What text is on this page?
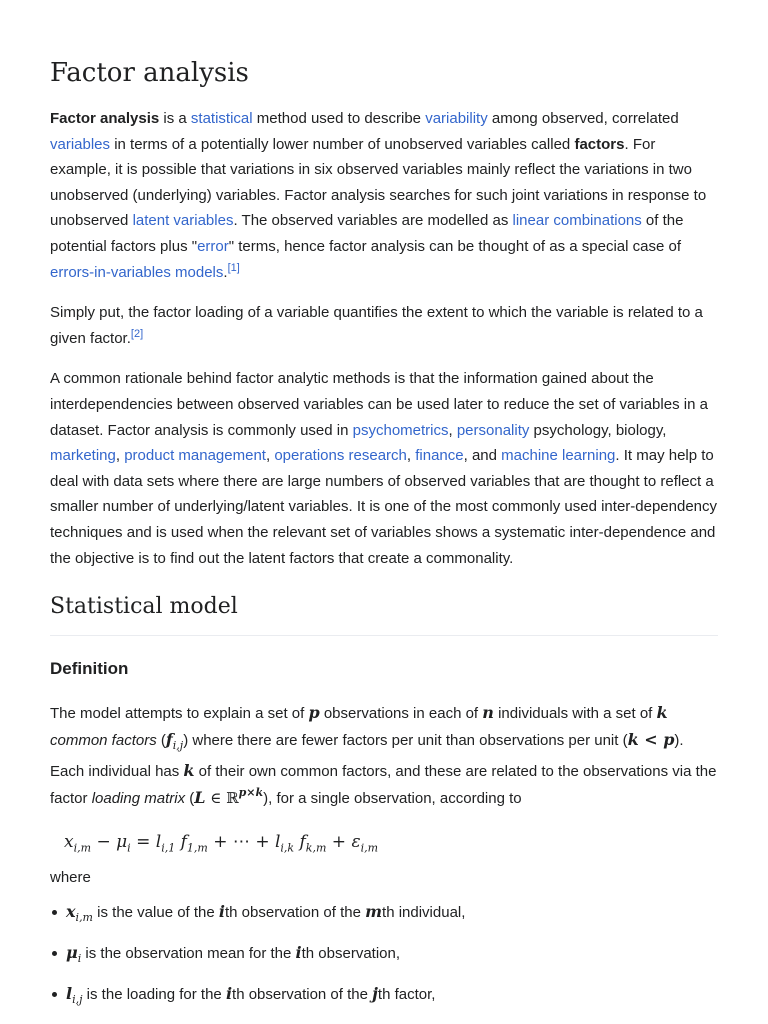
Factor analysis

Factor analysis is a statistical method used to describe variability among observed, correlated variables in terms of a potentially lower number of unobserved variables called factors. For example, it is possible that variations in six observed variables mainly reflect the variations in two unobserved (underlying) variables. Factor analysis searches for such joint variations in response to unobserved latent variables. The observed variables are modelled as linear combinations of the potential factors plus "error" terms, hence factor analysis can be thought of as a special case of errors-in-variables models.[1]

Simply put, the factor loading of a variable quantifies the extent to which the variable is related to a given factor.[2]

A common rationale behind factor analytic methods is that the information gained about the interdependencies between observed variables can be used later to reduce the set of variables in a dataset. Factor analysis is commonly used in psychometrics, personality psychology, biology, marketing, product management, operations research, finance, and machine learning. It may help to deal with data sets where there are large numbers of observed variables that are thought to reflect a smaller number of underlying/latent variables. It is one of the most commonly used inter-dependency techniques and is used when the relevant set of variables shows a systematic inter-dependence and the objective is to find out the latent factors that create a commonality.

Statistical model
Definition

The model attempts to explain a set of p observations in each of n individuals with a set of k common factors $(f_{i,j})$ where there are fewer factors per unit than observations per unit (k < p). Each individual has k of their own common factors, and these are related to the observations via the factor loading matrix (L ∈ ℝ$^{p\times k}$), for a single observation, according to

$x_{i,m} - \mu_i = l_{i,1}$ $f_{1,m}$ + ⋯ + $l_{i,k}$ $f_{k,m} + \varepsilon_{i,m}$
where
$x_{i,m}$ is the value of the ith observation of the mth individual,
$\mu_i$ is the observation mean for the ith observation,
$l_{i,j}$ is the loading for the ith observation of the jth factor,
